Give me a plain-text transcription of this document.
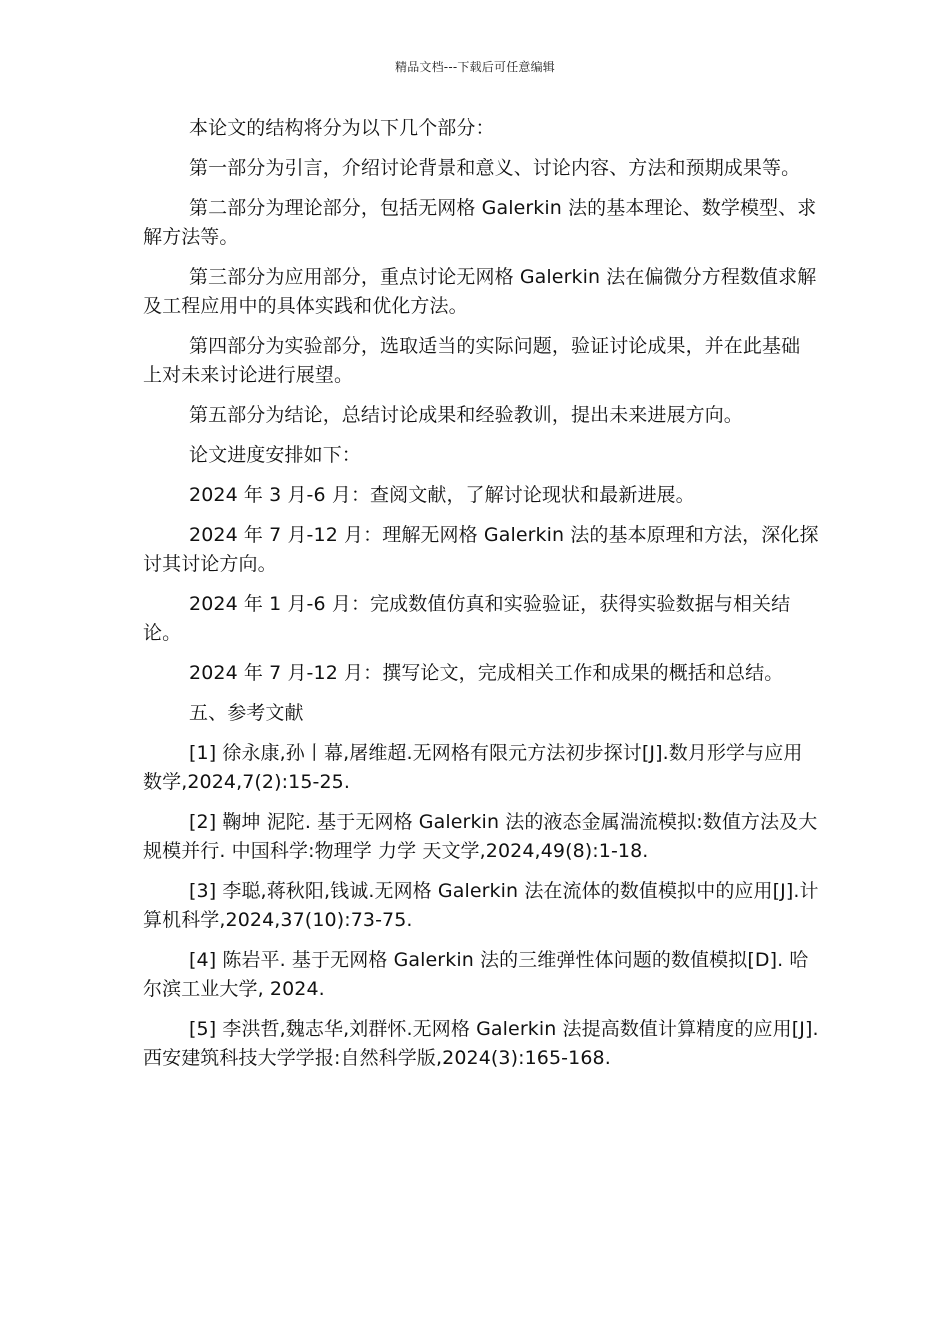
精品文档---下载后可任意编辑

本论文的结构将分为以下几个部分：

第一部分为引言，介绍讨论背景和意义、讨论内容、方法和预期成果等。

第二部分为理论部分，包括无网格 Galerkin 法的基本理论、数学模型、求解方法等。

第三部分为应用部分，重点讨论无网格 Galerkin 法在偏微分方程数值求解及工程应用中的具体实践和优化方法。

第四部分为实验部分，选取适当的实际问题，验证讨论成果，并在此基础上对未来讨论进行展望。

第五部分为结论，总结讨论成果和经验教训，提出未来进展方向。

论文进度安排如下：

2024 年 3 月-6 月：查阅文献，了解讨论现状和最新进展。

2024 年 7 月-12 月：理解无网格 Galerkin 法的基本原理和方法，深化探讨其讨论方向。

2024 年 1 月-6 月：完成数值仿真和实验验证，获得实验数据与相关结论。

2024 年 7 月-12 月：撰写论文，完成相关工作和成果的概括和总结。

五、参考文献

[1] 徐永康,孙丨幕,屠维超.无网格有限元方法初步探讨[J].数月形学与应用数学,2024,7(2):15-25.

[2] 鞠坤 泥陀. 基于无网格 Galerkin 法的液态金属湍流模拟:数值方法及大规模并行. 中国科学:物理学 力学 天文学,2024,49(8):1-18.

[3] 李聪,蒋秋阳,钱诚.无网格 Galerkin 法在流体的数值模拟中的应用[J].计算机科学,2024,37(10):73-75.

[4] 陈岩平. 基于无网格 Galerkin 法的三维弹性体问题的数值模拟[D]. 哈尔滨工业大学, 2024.

[5] 李洪哲,魏志华,刘群怀.无网格 Galerkin 法提高数值计算精度的应用[J].西安建筑科技大学学报:自然科学版,2024(3):165-168.
